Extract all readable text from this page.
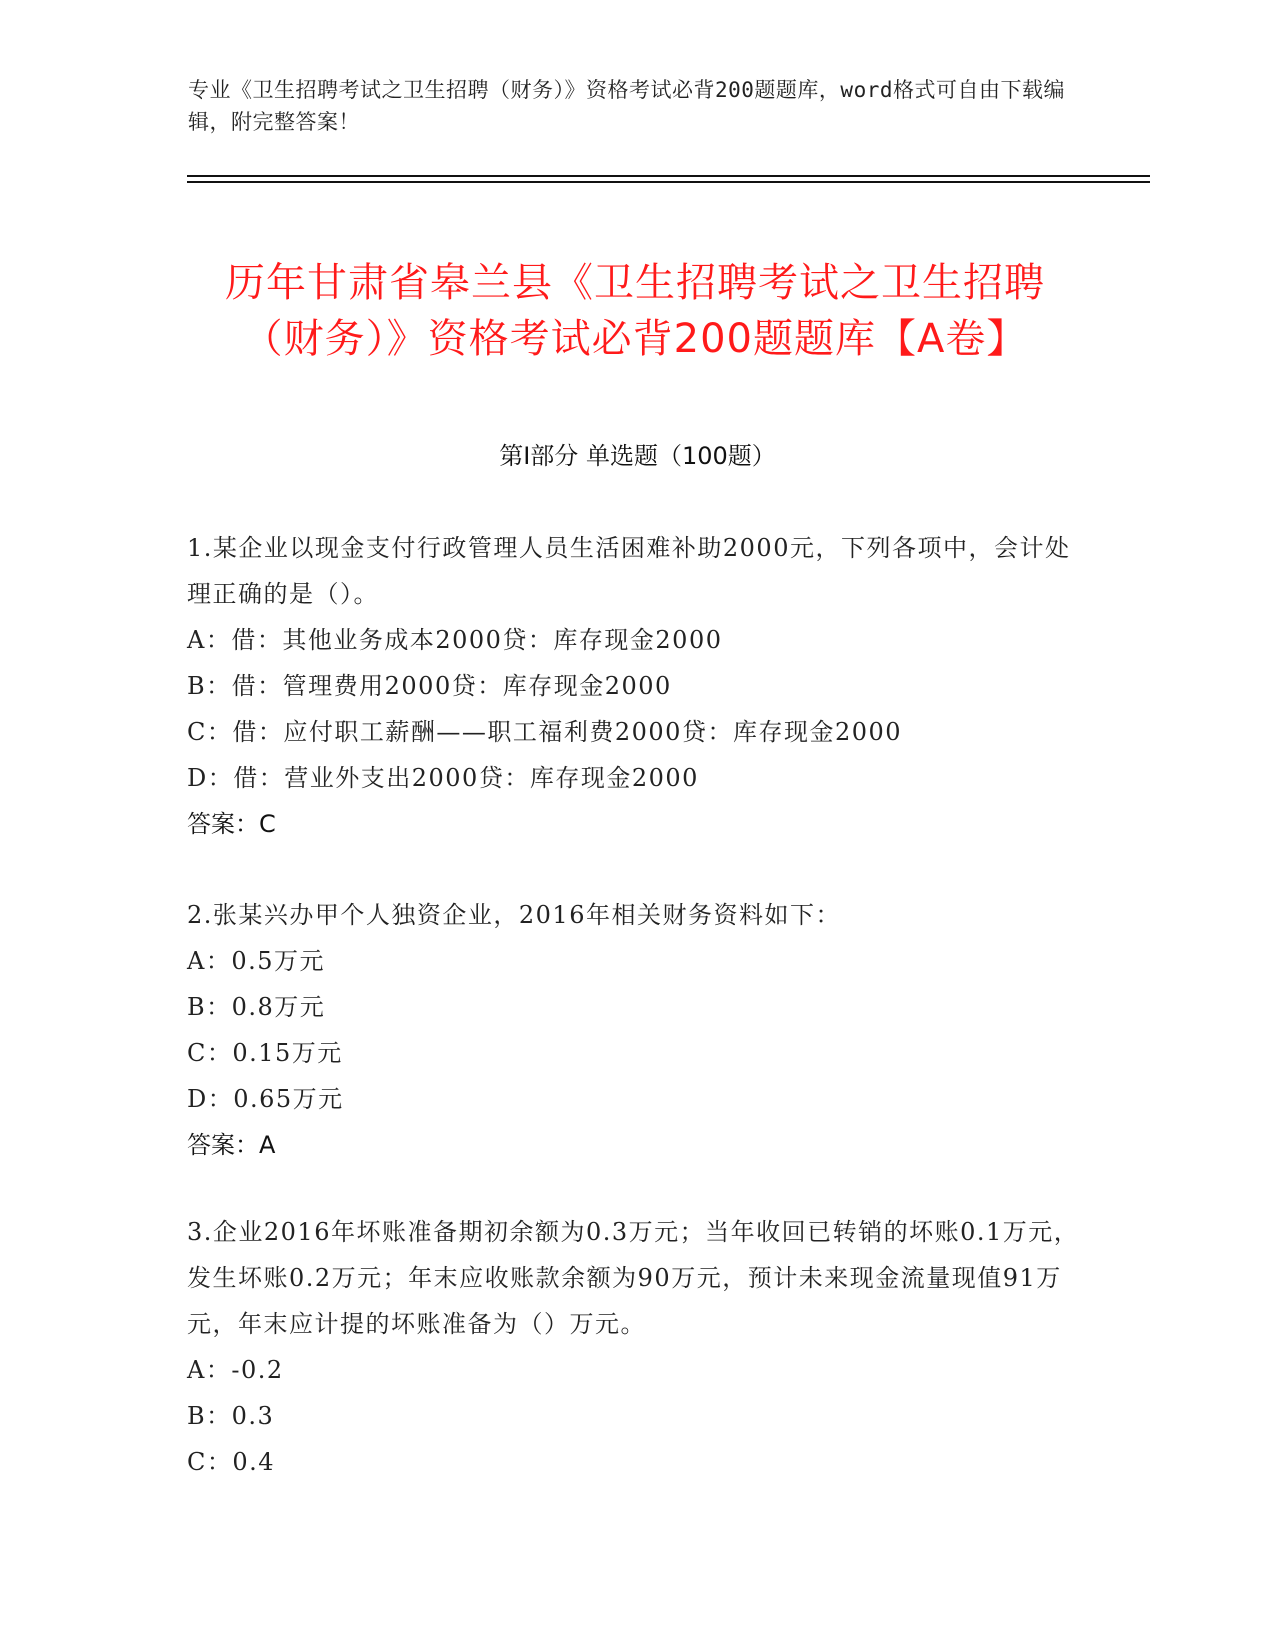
专业《卫生招聘考试之卫生招聘（财务）》资格考试必背200题题库，word格式可自由下载编辑，附完整答案！
历年甘肃省皋兰县《卫生招聘考试之卫生招聘（财务）》资格考试必背200题题库【A卷】
第Ⅰ部分 单选题（100题）
1.某企业以现金支付行政管理人员生活困难补助2000元，下列各项中，会计处理正确的是（）。
A：借：其他业务成本2000贷：库存现金2000
B：借：管理费用2000贷：库存现金2000
C：借：应付职工薪酬——职工福利费2000贷：库存现金2000
D：借：营业外支出2000贷：库存现金2000
答案：C
2.张某兴办甲个人独资企业，2016年相关财务资料如下：
A：0.5万元
B：0.8万元
C：0.15万元
D：0.65万元
答案：A
3.企业2016年坏账准备期初余额为0.3万元；当年收回已转销的坏账0.1万元，发生坏账0.2万元；年末应收账款余额为90万元，预计未来现金流量现值91万元，年末应计提的坏账准备为（）万元。
A：-0.2
B：0.3
C：0.4
